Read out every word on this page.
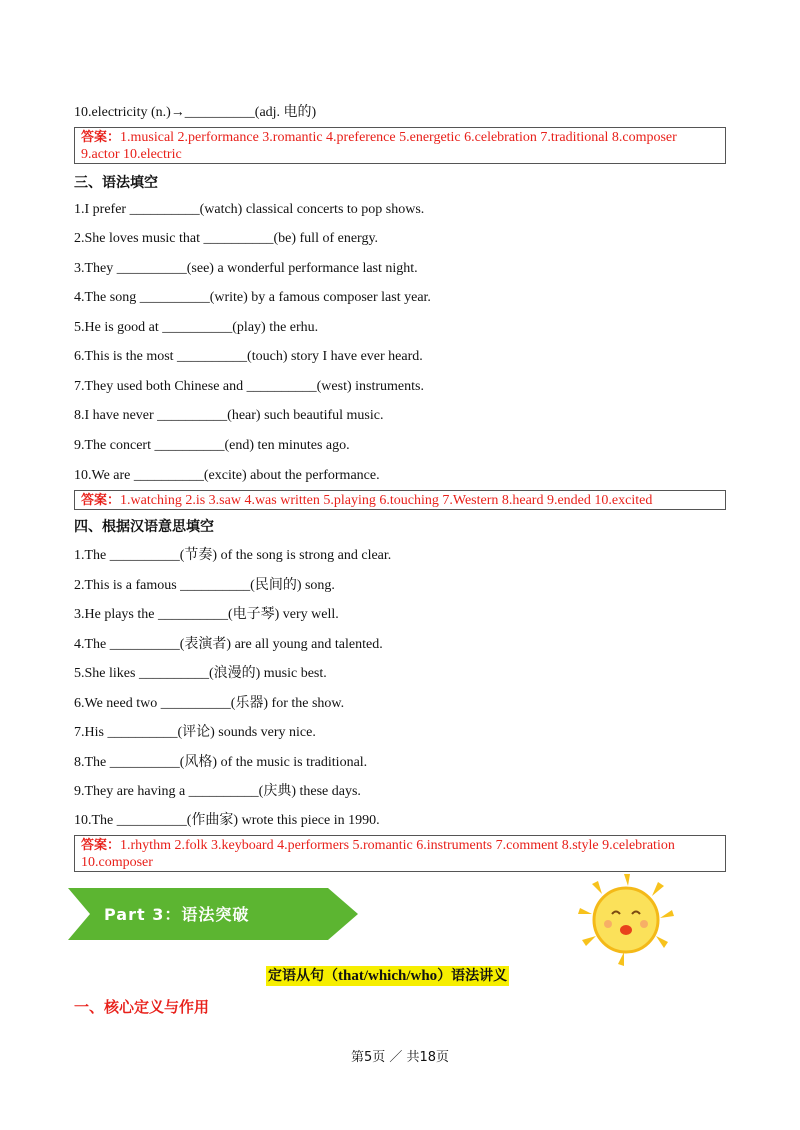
10.electricity (n.)→__________(adj. 电的)
答案：1.musical 2.performance 3.romantic 4.preference 5.energetic 6.celebration 7.traditional 8.composer
9.actor 10.electric
三、语法填空
1.I prefer __________(watch) classical concerts to pop shows.
2.She loves music that __________(be) full of energy.
3.They __________(see) a wonderful performance last night.
4.The song __________(write) by a famous composer last year.
5.He is good at __________(play) the erhu.
6.This is the most __________(touch) story I have ever heard.
7.They used both Chinese and __________(west) instruments.
8.I have never __________(hear) such beautiful music.
9.The concert __________(end) ten minutes ago.
10.We are __________(excite) about the performance.
答案：1.watching 2.is 3.saw 4.was written 5.playing 6.touching 7.Western 8.heard 9.ended 10.excited
四、根据汉语意思填空
1.The __________(节奏) of the song is strong and clear.
2.This is a famous __________(民间的) song.
3.He plays the __________(电子琴) very well.
4.The __________(表演者) are all young and talented.
5.She likes __________(浪漫的) music best.
6.We need two __________(乐器) for the show.
7.His __________(评论) sounds very nice.
8.The __________(风格) of the music is traditional.
9.They are having a __________(庆典) these days.
10.The __________(作曲家) wrote this piece in 1990.
答案：1.rhythm 2.folk 3.keyboard 4.performers 5.romantic 6.instruments 7.comment 8.style 9.celebration
10.composer
Part 3：语法突破
定语从句（that/which/who）语法讲义
一、核心定义与作用
第5页 ／ 共18页
